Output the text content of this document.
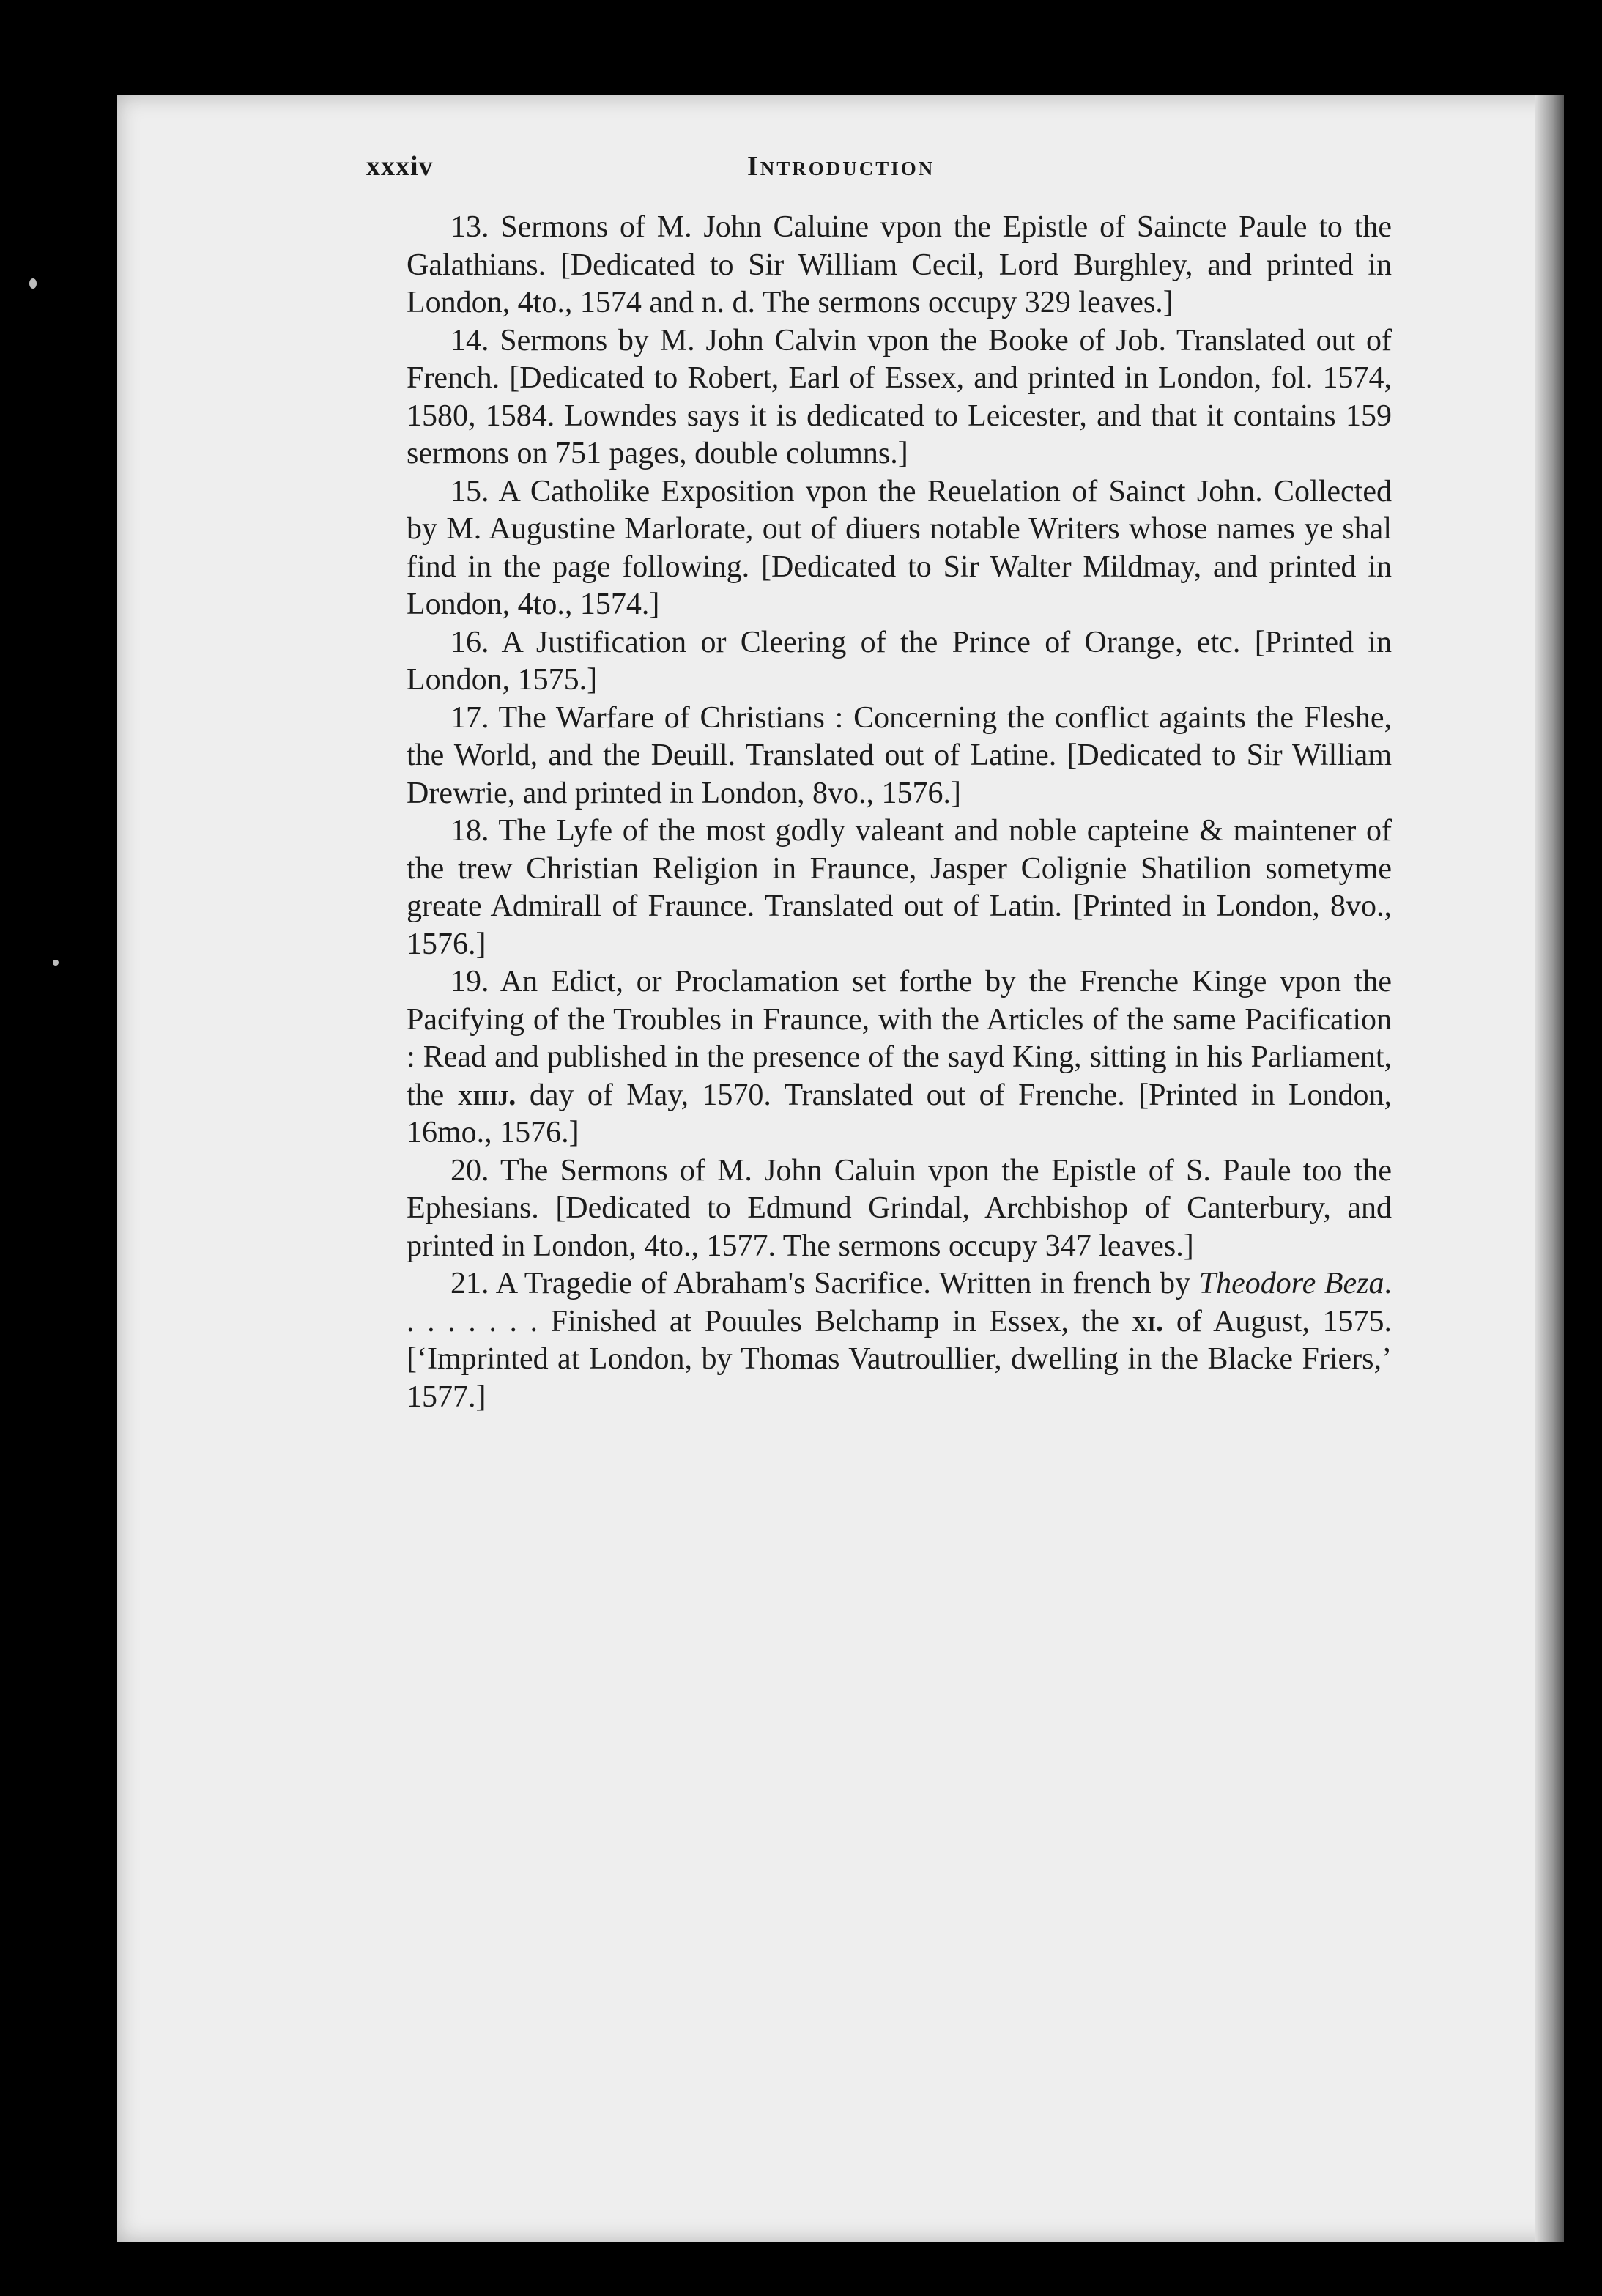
xxxiv	Introduction

13. Sermons of M. John Caluine vpon the Epistle of Saincte Paule to the Galathians. [Dedicated to Sir William Cecil, Lord Burghley, and printed in London, 4to., 1574 and n. d. The sermons occupy 329 leaves.]

14. Sermons by M. John Calvin vpon the Booke of Job. Translated out of French. [Dedicated to Robert, Earl of Essex, and printed in London, fol. 1574, 1580, 1584. Lowndes says it is dedicated to Leicester, and that it contains 159 sermons on 751 pages, double columns.]

15. A Catholike Exposition vpon the Reuelation of Sainct John. Collected by M. Augustine Marlorate, out of diuers notable Writers whose names ye shal find in the page following. [Dedicated to Sir Walter Mildmay, and printed in London, 4to., 1574.]

16. A Justification or Cleering of the Prince of Orange, etc. [Printed in London, 1575.]

17. The Warfare of Christians : Concerning the conflict againts the Fleshe, the World, and the Deuill. Translated out of Latine. [Dedicated to Sir William Drewrie, and printed in London, 8vo., 1576.]

18. The Lyfe of the most godly valeant and noble capteine & maintener of the trew Christian Religion in Fraunce, Jasper Colignie Shatilion sometyme greate Admirall of Fraunce. Translated out of Latin. [Printed in London, 8vo., 1576.]

19. An Edict, or Proclamation set forthe by the Frenche Kinge vpon the Pacifying of the Troubles in Fraunce, with the Articles of the same Pacification : Read and published in the presence of the sayd King, sitting in his Parliament, the xiiij. day of May, 1570. Translated out of Frenche. [Printed in London, 16mo., 1576.]

20. The Sermons of M. John Caluin vpon the Epistle of S. Paule too the Ephesians. [Dedicated to Edmund Grindal, Archbishop of Canterbury, and printed in London, 4to., 1577. The sermons occupy 347 leaves.]

21. A Tragedie of Abraham's Sacrifice. Written in french by Theodore Beza. . . . . . . . Finished at Pouules Belchamp in Essex, the xi. of August, 1575. [‘Imprinted at London, by Thomas Vautroullier, dwelling in the Blacke Friers,’ 1577.]
